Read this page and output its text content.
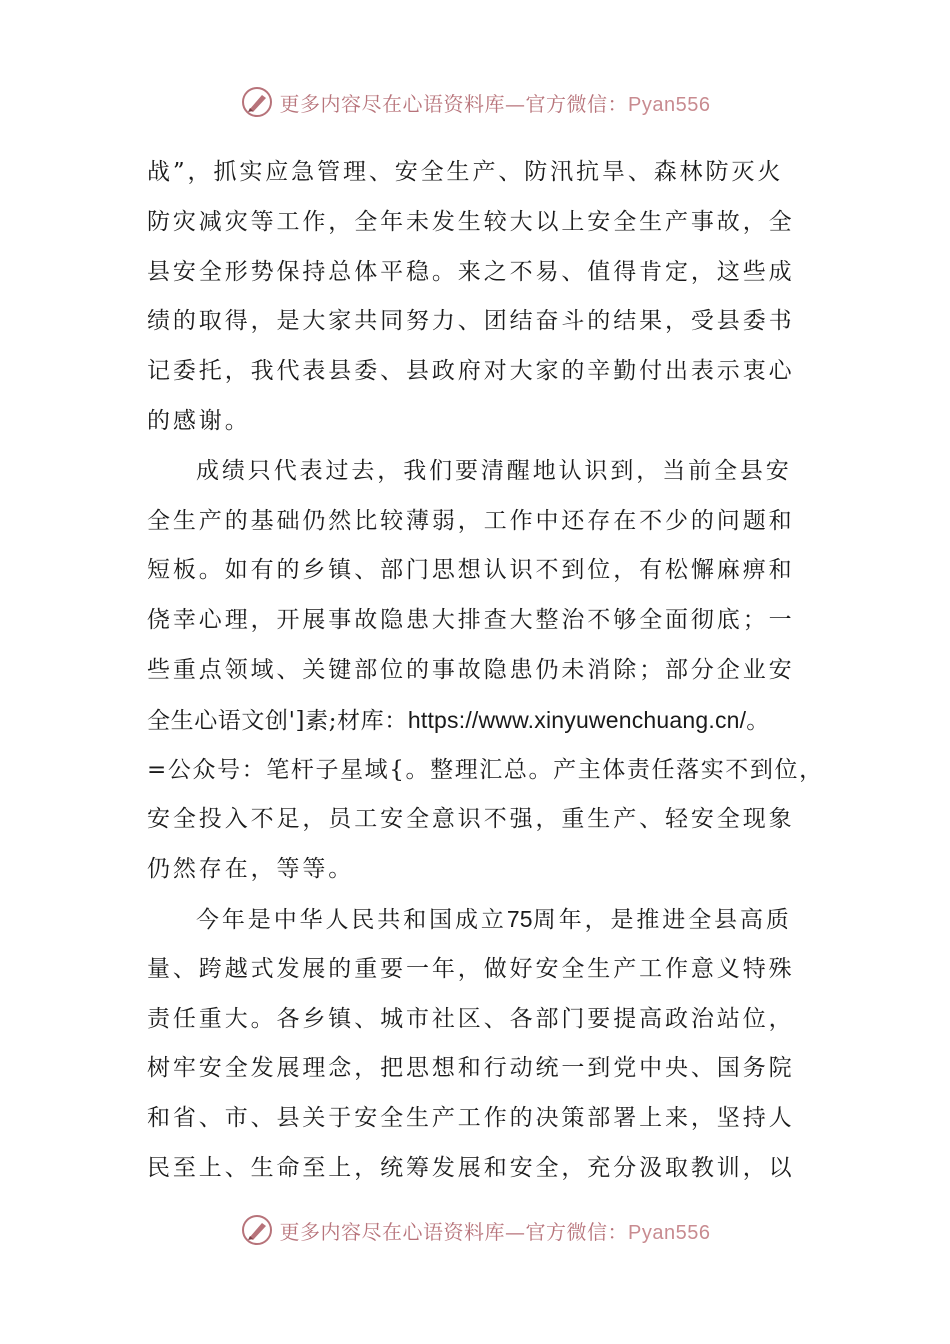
更多内容尽在心语资料库—官方微信：Pyan556
战”，抓实应急管理、安全生产、防汛抗旱、森林防灭火
防灾减灾等工作，全年未发生较大以上安全生产事故，全
县安全形势保持总体平稳。来之不易、值得肯定，这些成
绩的取得，是大家共同努力、团结奋斗的结果，受县委书
记委托，我代表县委、县政府对大家的辛勤付出表示衷心
的感谢。
成绩只代表过去，我们要清醒地认识到，当前全县安
全生产的基础仍然比较薄弱，工作中还存在不少的问题和
短板。如有的乡镇、部门思想认识不到位，有松懈麻痹和
侥幸心理，开展事故隐患大排查大整治不够全面彻底；一
些重点领域、关键部位的事故隐患仍未消除；部分企业安
全生心语文创']素;材库：https://www.xinyuwenchuang.cn/。
=公众号：笔杆子星域{。整理汇总。产主体责任落实不到位，
安全投入不足，员工安全意识不强，重生产、轻安全现象
仍然存在，等等。
今年是中华人民共和国成立75周年，是推进全县高质
量、跨越式发展的重要一年，做好安全生产工作意义特殊
责任重大。各乡镇、城市社区、各部门要提高政治站位，
树牢安全发展理念，把思想和行动统一到党中央、国务院
和省、市、县关于安全生产工作的决策部署上来，坚持人
民至上、生命至上，统筹发展和安全，充分汲取教训，以
更多内容尽在心语资料库—官方微信：Pyan556
